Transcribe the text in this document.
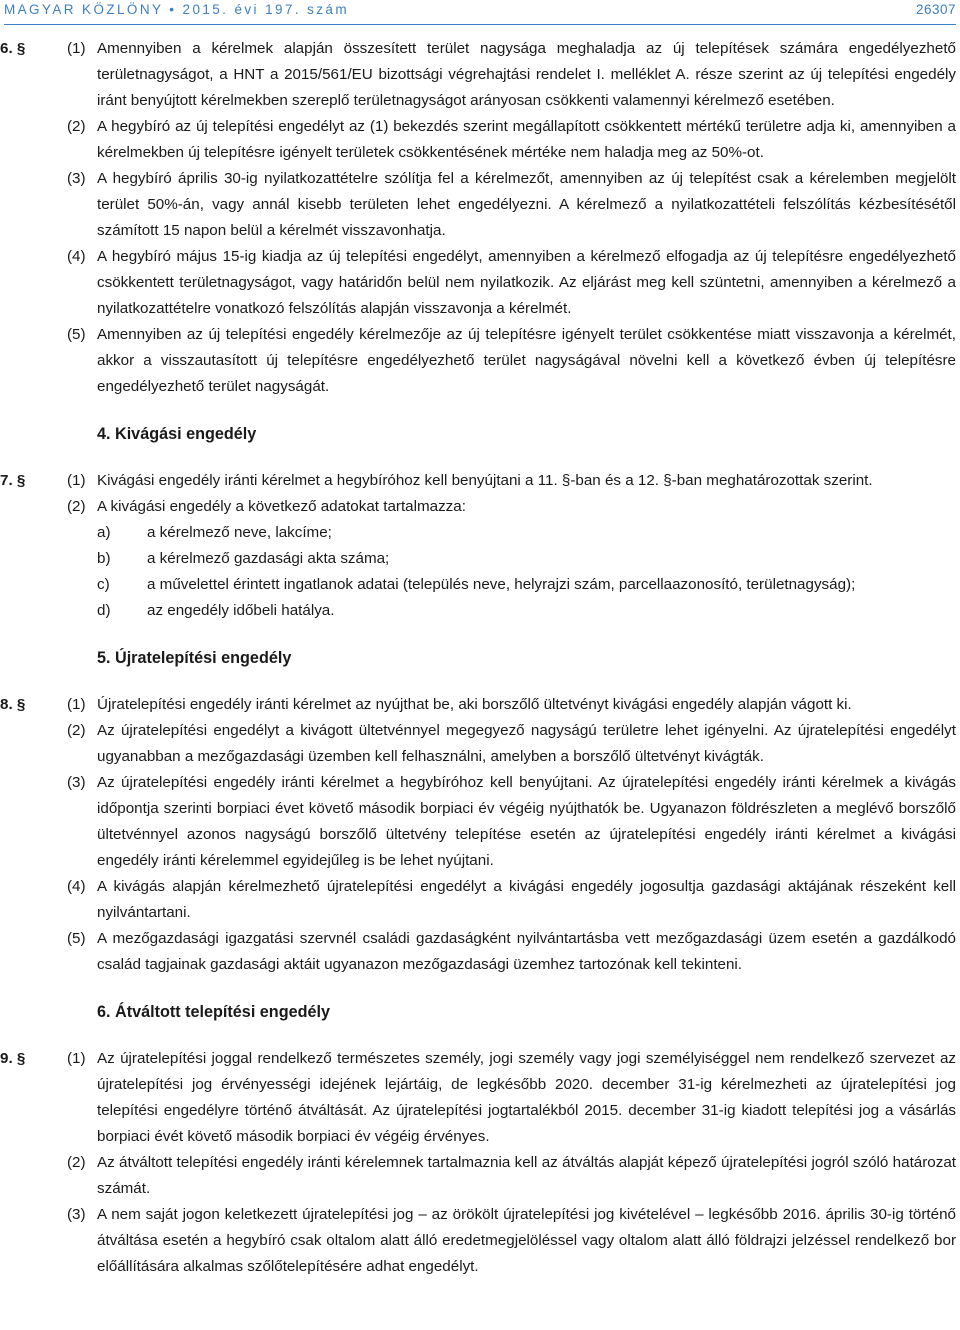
MAGYAR KÖZLÖNY • 2015. évi 197. szám	26307
6. §	(1) Amennyiben a kérelmek alapján összesített terület nagysága meghaladja az új telepítések számára engedélyezhető területnagyságot, a HNT a 2015/561/EU bizottsági végrehajtási rendelet I. melléklet A. része szerint az új telepítési engedély iránt benyújtott kérelmekben szereplő területnagyságot arányosan csökkenti valamennyi kérelmező esetében.
(2) A hegybíró az új telepítési engedélyt az (1) bekezdés szerint megállapított csökkentett mértékű területre adja ki, amennyiben a kérelmekben új telepítésre igényelt területek csökkentésének mértéke nem haladja meg az 50%-ot.
(3) A hegybíró április 30-ig nyilatkozattételre szólítja fel a kérelmezőt, amennyiben az új telepítést csak a kérelemben megjelölt terület 50%-án, vagy annál kisebb területen lehet engedélyezni. A kérelmező a nyilatkozattételi felszólítás kézbesítésétől számított 15 napon belül a kérelmét visszavonhatja.
(4) A hegybíró május 15-ig kiadja az új telepítési engedélyt, amennyiben a kérelmező elfogadja az új telepítésre engedélyezhető csökkentett területnagyságot, vagy határidőn belül nem nyilatkozik. Az eljárást meg kell szüntetni, amennyiben a kérelmező a nyilatkozattételre vonatkozó felszólítás alapján visszavonja a kérelmét.
(5) Amennyiben az új telepítési engedély kérelmezője az új telepítésre igényelt terület csökkentése miatt visszavonja a kérelmét, akkor a visszautasított új telepítésre engedélyezhető terület nagyságával növelni kell a következő évben új telepítésre engedélyezhető terület nagyságát.
4. Kivágási engedély
7. §	(1) Kivágási engedély iránti kérelmet a hegybíróhoz kell benyújtani a 11. §-ban és a 12. §-ban meghatározottak szerint.
(2) A kivágási engedély a következő adatokat tartalmazza:
a) a kérelmező neve, lakcíme;
b) a kérelmező gazdasági akta száma;
c) a művelettel érintett ingatlanok adatai (település neve, helyrajzi szám, parcellaazonosító, területnagyság);
d) az engedély időbeli hatálya.
5. Újratelepítési engedély
8. §	(1) Újratelepítési engedély iránti kérelmet az nyújthat be, aki borszőlő ültetvényt kivágási engedély alapján vágott ki.
(2) Az újratelepítési engedélyt a kivágott ültetvénnyel megegyező nagyságú területre lehet igényelni. Az újratelepítési engedélyt ugyanabban a mezőgazdasági üzemben kell felhasználni, amelyben a borszőlő ültetvényt kivágták.
(3) Az újratelepítési engedély iránti kérelmet a hegybíróhoz kell benyújtani. Az újratelepítési engedély iránti kérelmek a kivágás időpontja szerinti borpiaci évet követő második borpiaci év végéig nyújthatók be. Ugyanazon földrészleten a meglévő borszőlő ültetvénnyel azonos nagyságú borszőlő ültetvény telepítése esetén az újratelepítési engedély iránti kérelmet a kivágási engedély iránti kérelemmel egyidejűleg is be lehet nyújtani.
(4) A kivágás alapján kérelmezhető újratelepítési engedélyt a kivágási engedély jogosultja gazdasági aktájának részeként kell nyilvántartani.
(5) A mezőgazdasági igazgatási szervnél családi gazdaságként nyilvántartásba vett mezőgazdasági üzem esetén a gazdálkodó család tagjainak gazdasági aktáit ugyanazon mezőgazdasági üzemhez tartozónak kell tekinteni.
6. Átváltott telepítési engedély
9. §	(1) Az újratelepítési joggal rendelkező természetes személy, jogi személy vagy jogi személyiséggel nem rendelkező szervezet az újratelepítési jog érvényességi idejének lejártáig, de legkésőbb 2020. december 31-ig kérelmezheti az újratelepítési jog telepítési engedélyre történő átváltását. Az újratelepítési jogtartalékból 2015. december 31-ig kiadott telepítési jog a vásárlás borpiaci évét követő második borpiaci év végéig érvényes.
(2) Az átváltott telepítési engedély iránti kérelemnek tartalmaznia kell az átváltás alapját képező újratelepítési jogról szóló határozat számát.
(3) A nem saját jogon keletkezett újratelepítési jog – az örökölt újratelepítési jog kivételével – legkésőbb 2016. április 30-ig történő átváltása esetén a hegybíró csak oltalom alatt álló eredetmegjelöléssel vagy oltalom alatt álló földrajzi jelzéssel rendelkező bor előállítására alkalmas szőlőtelepítésére adhat engedélyt.
